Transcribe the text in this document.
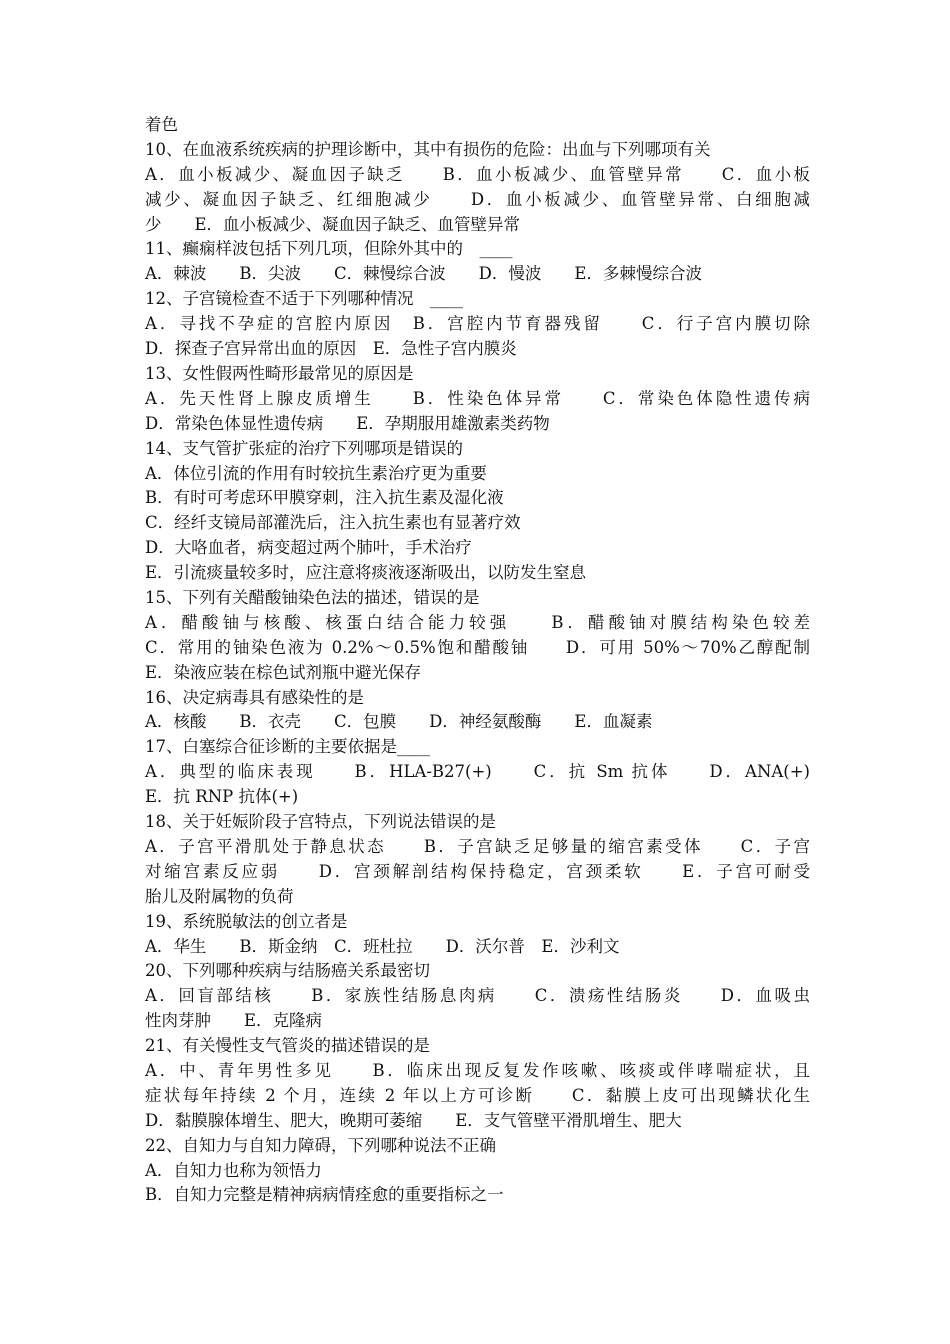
着色
10、在血液系统疾病的护理诊断中，其中有损伤的危险：出血与下列哪项有关
A．血小板减少、凝血因子缺乏　　B．血小板减少、血管壁异常　　C．血小板
减少、凝血因子缺乏、红细胞减少　　D．血小板减少、血管壁异常、白细胞减
少　　E．血小板减少、凝血因子缺乏、血管壁异常
11、癫痫样波包括下列几项，但除外其中的　____
A．棘波　　B．尖波　　C．棘慢综合波　　D．慢波　　E．多棘慢综合波
12、子宫镜检查不适于下列哪种情况　____
A．寻找不孕症的宫腔内原因　B．宫腔内节育器残留　　C．行子宫内膜切除
D．探查子宫异常出血的原因　E．急性子宫内膜炎
13、女性假两性畸形最常见的原因是
A．先天性肾上腺皮质增生　　B．性染色体异常　　C．常染色体隐性遗传病
D．常染色体显性遗传病　　E．孕期服用雄激素类药物
14、支气管扩张症的治疗下列哪项是错误的
A．体位引流的作用有时较抗生素治疗更为重要
B．有时可考虑环甲膜穿刺，注入抗生素及湿化液
C．经纤支镜局部灌洗后，注入抗生素也有显著疗效
D．大咯血者，病变超过两个肺叶，手术治疗
E．引流痰量较多时，应注意将痰液逐渐吸出，以防发生窒息
15、下列有关醋酸铀染色法的描述，错误的是
A．醋酸铀与核酸、核蛋白结合能力较强　　B．醋酸铀对膜结构染色较差
C．常用的铀染色液为 0.2%～0.5%饱和醋酸铀　　D．可用 50%～70%乙醇配制
E．染液应装在棕色试剂瓶中避光保存
16、决定病毒具有感染性的是
A．核酸　　B．衣壳　　C．包膜　　D．神经氨酸酶　　E．血凝素
17、白塞综合征诊断的主要依据是____
A．典型的临床表现　　B．HLA-B27(+)　　C．抗 Sm 抗体　　D．ANA(+)
E．抗 RNP 抗体(+)
18、关于妊娠阶段子宫特点，下列说法错误的是
A．子宫平滑肌处于静息状态　　B．子宫缺乏足够量的缩宫素受体　　C．子宫
对缩宫素反应弱　　D．宫颈解剖结构保持稳定，宫颈柔软　　E．子宫可耐受
胎儿及附属物的负荷
19、系统脱敏法的创立者是
A．华生　　B．斯金纳　C．班杜拉　　D．沃尔普　E．沙利文
20、下列哪种疾病与结肠癌关系最密切
A．回盲部结核　　B．家族性结肠息肉病　　C．溃疡性结肠炎　　D．血吸虫
性肉芽肿　　E．克隆病
21、有关慢性支气管炎的描述错误的是
A．中、青年男性多见　　B．临床出现反复发作咳嗽、咳痰或伴哮喘症状，且
症状每年持续 2 个月，连续 2 年以上方可诊断　　C．黏膜上皮可出现鳞状化生
D．黏膜腺体增生、肥大，晚期可萎缩　　E．支气管壁平滑肌增生、肥大
22、自知力与自知力障碍，下列哪种说法不正确
A．自知力也称为领悟力
B．自知力完整是精神病病情痊愈的重要指标之一
